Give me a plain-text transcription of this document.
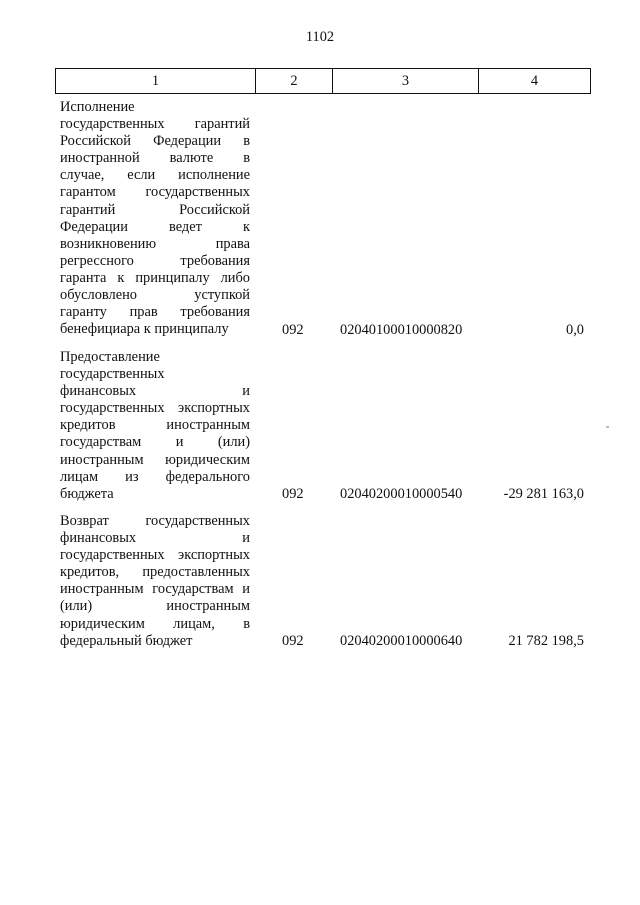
1102
1	2	3	4
Исполнение
государственных гарантий
Российской Федерации в
иностранной валюте в
случае, если исполнение
гарантом государственных
гарантий Российской
Федерации ведет к
возникновению права
регрессного требования
гаранта к принципалу либо
обусловлено уступкой
гаранту прав требования
бенефициара к принципалу	092	02040100010000820	0,0
Предоставление
государственных
финансовых и
государственных экспортных
кредитов иностранным
государствам и (или)
иностранным юридическим
лицам из федерального
бюджета	092	02040200010000540	-29 281 163,0
Возврат государственных
финансовых и
государственных экспортных
кредитов, предоставленных
иностранным государствам и
(или) иностранным
юридическим лицам, в
федеральный бюджет	092	02040200010000640	21 782 198,5
